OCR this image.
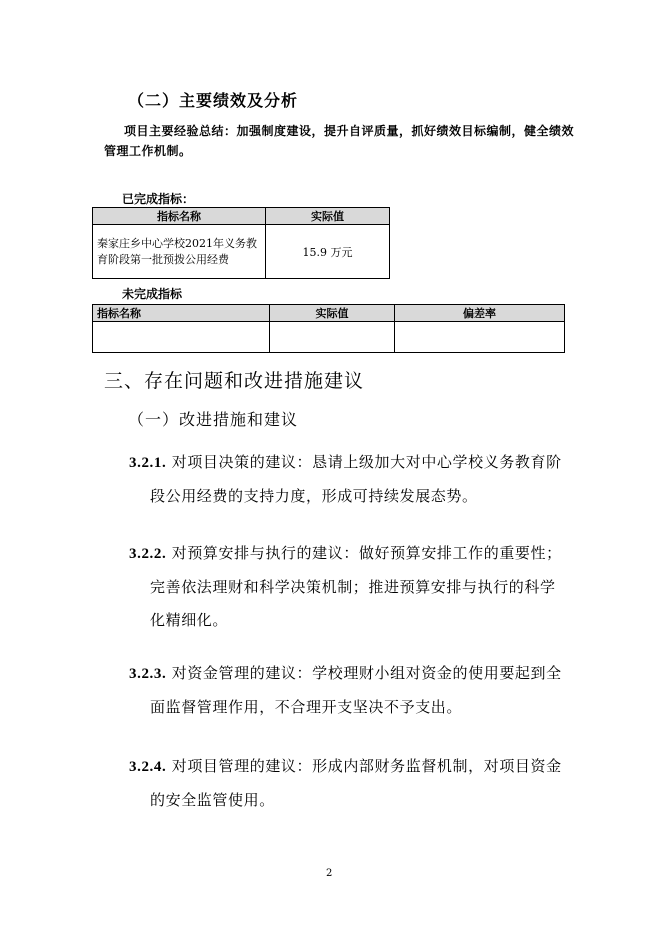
（二）主要绩效及分析
项目主要经验总结：加强制度建设，提升自评质量，抓好绩效目标编制，健全绩效
管理工作机制。
已完成指标：
指标名称	实际值
秦家庄乡中心学校2021年义务教育阶段第一批预拨公用经费	15.9 万元
未完成指标
指标名称	实际值	偏差率

三、存在问题和改进措施建议
（一）改进措施和建议
3.2.1. 对项目决策的建议：恳请上级加大对中心学校义务教育阶
段公用经费的支持力度，形成可持续发展态势。
3.2.2. 对预算安排与执行的建议：做好预算安排工作的重要性；
完善依法理财和科学决策机制；推进预算安排与执行的科学
化精细化。
3.2.3. 对资金管理的建议：学校理财小组对资金的使用要起到全
面监督管理作用，不合理开支坚决不予支出。
3.2.4. 对项目管理的建议：形成内部财务监督机制，对项目资金
的安全监管使用。
2
